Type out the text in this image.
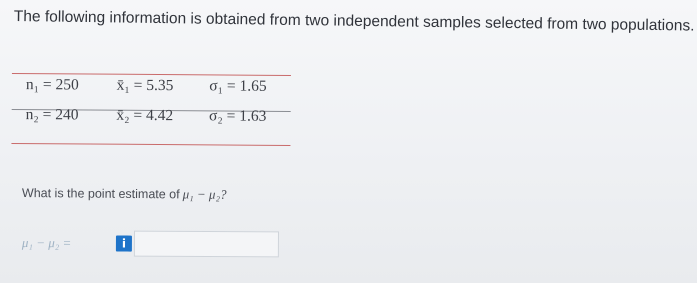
The following information is obtained from two independent samples selected from two populations.
n₁ = 250	x̄₁ = 5.35	σ₁ = 1.65
n₂ = 240	x̄₂ = 4.42	σ₂ = 1.63
What is the point estimate of μ₁ − μ₂?
μ₁ − μ₂ =	i
